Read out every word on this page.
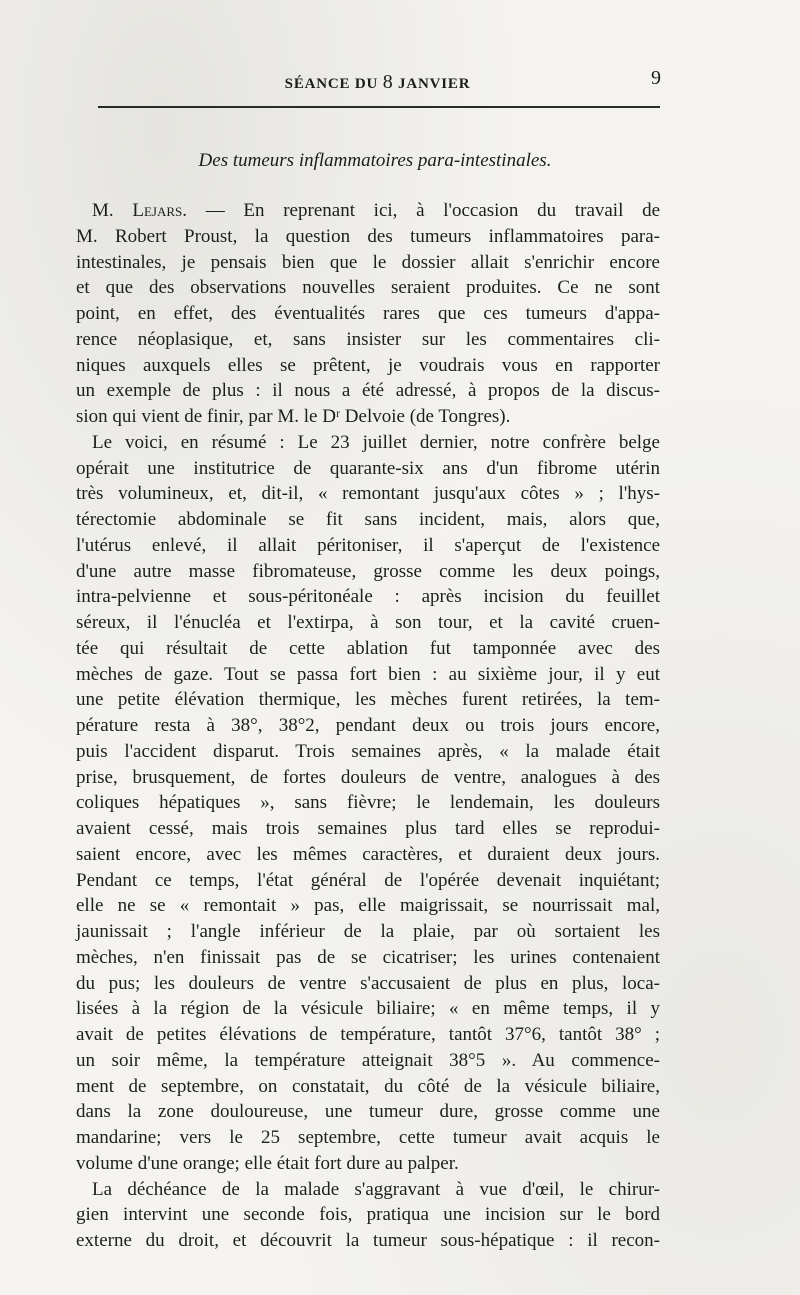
SÉANCE DU 8 JANVIER	9
Des tumeurs inflammatoires para-intestinales.
M. Lejars. — En reprenant ici, à l'occasion du travail de
M. Robert Proust, la question des tumeurs inflammatoires para-
intestinales, je pensais bien que le dossier allait s'enrichir encore
et que des observations nouvelles seraient produites. Ce ne sont
point, en effet, des éventualités rares que ces tumeurs d'appa-
rence néoplasique, et, sans insister sur les commentaires cli-
niques auxquels elles se prêtent, je voudrais vous en rapporter
un exemple de plus : il nous a été adressé, à propos de la discus-
sion qui vient de finir, par M. le Dʳ Delvoie (de Tongres).
Le voici, en résumé : Le 23 juillet dernier, notre confrère belge
opérait une institutrice de quarante-six ans d'un fibrome utérin
très volumineux, et, dit-il, « remontant jusqu'aux côtes » ; l'hys-
térectomie abdominale se fit sans incident, mais, alors que,
l'utérus enlevé, il allait péritoniser, il s'aperçut de l'existence
d'une autre masse fibromateuse, grosse comme les deux poings,
intra-pelvienne et sous-péritonéale : après incision du feuillet
séreux, il l'énucléa et l'extirpa, à son tour, et la cavité cruen-
tée qui résultait de cette ablation fut tamponnée avec des
mèches de gaze. Tout se passa fort bien : au sixième jour, il y eut
une petite élévation thermique, les mèches furent retirées, la tem-
pérature resta à 38°, 38°2, pendant deux ou trois jours encore,
puis l'accident disparut. Trois semaines après, « la malade était
prise, brusquement, de fortes douleurs de ventre, analogues à des
coliques hépatiques », sans fièvre; le lendemain, les douleurs
avaient cessé, mais trois semaines plus tard elles se reprodui-
saient encore, avec les mêmes caractères, et duraient deux jours.
Pendant ce temps, l'état général de l'opérée devenait inquiétant;
elle ne se « remontait » pas, elle maigrissait, se nourrissait mal,
jaunissait ; l'angle inférieur de la plaie, par où sortaient les
mèches, n'en finissait pas de se cicatriser; les urines contenaient
du pus; les douleurs de ventre s'accusaient de plus en plus, loca-
lisées à la région de la vésicule biliaire; « en même temps, il y
avait de petites élévations de température, tantôt 37°6, tantôt 38° ;
un soir même, la température atteignait 38°5 ». Au commence-
ment de septembre, on constatait, du côté de la vésicule biliaire,
dans la zone douloureuse, une tumeur dure, grosse comme une
mandarine; vers le 25 septembre, cette tumeur avait acquis le
volume d'une orange; elle était fort dure au palper.
La déchéance de la malade s'aggravant à vue d'œil, le chirur-
gien intervint une seconde fois, pratiqua une incision sur le bord
externe du droit, et découvrit la tumeur sous-hépatique : il recon-
